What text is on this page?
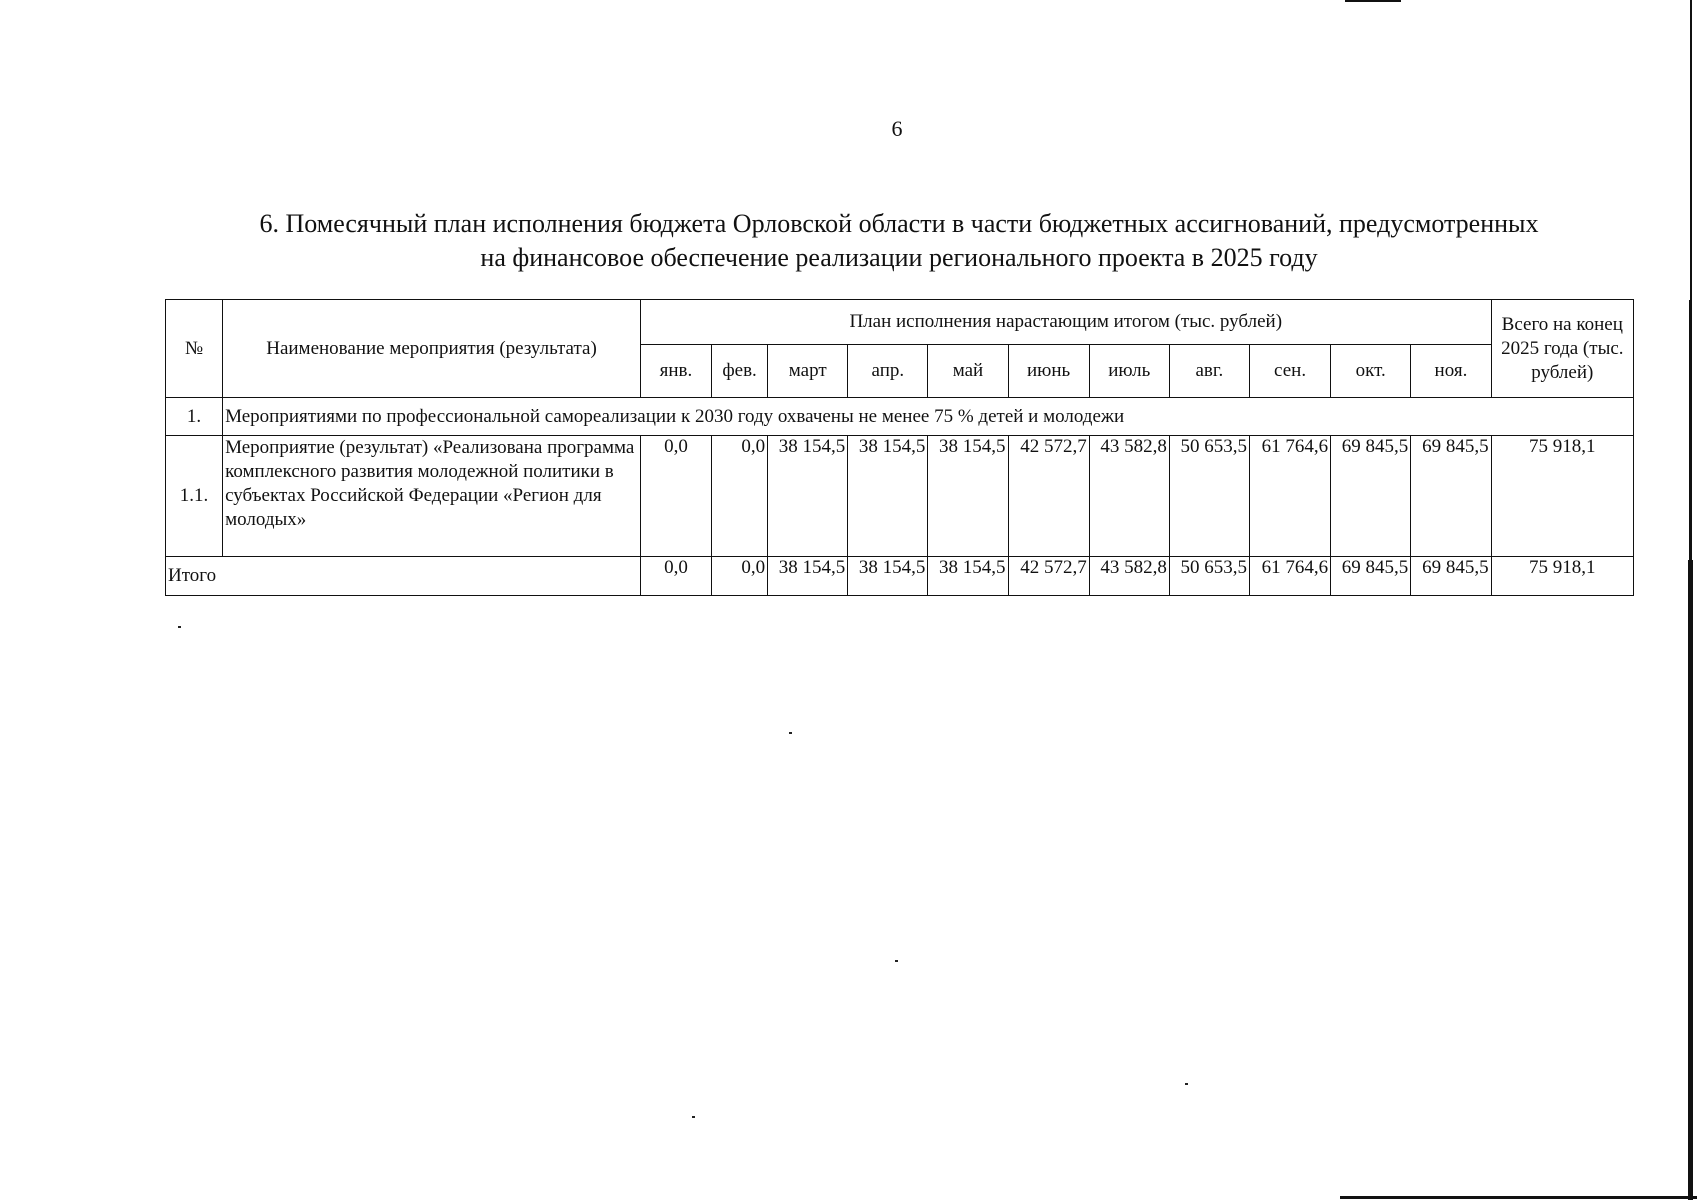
6
6. Помесячный план исполнения бюджета Орловской области в части бюджетных ассигнований, предусмотренных
на финансовое обеспечение реализации регионального проекта в 2025 году
№	Наименование мероприятия (результата)	План исполнения нарастающим итогом (тыс. рублей)											Всего на конец 2025 года (тыс. рублей)
		янв.	фев.	март	апр.	май	июнь	июль	авг.	сен.	окт.	ноя.	
1.	Мероприятиями по профессиональной самореализации к 2030 году охвачены не менее 75 % детей и молодежи												
1.1.	Мероприятие (результат) «Реализована программа комплексного развития молодежной политики в субъектах Российской Федерации «Регион для молодых»	0,0	0,0	38 154,5	38 154,5	38 154,5	42 572,7	43 582,8	50 653,5	61 764,6	69 845,5	69 845,5	75 918,1
Итого		0,0	0,0	38 154,5	38 154,5	38 154,5	42 572,7	43 582,8	50 653,5	61 764,6	69 845,5	69 845,5	75 918,1
